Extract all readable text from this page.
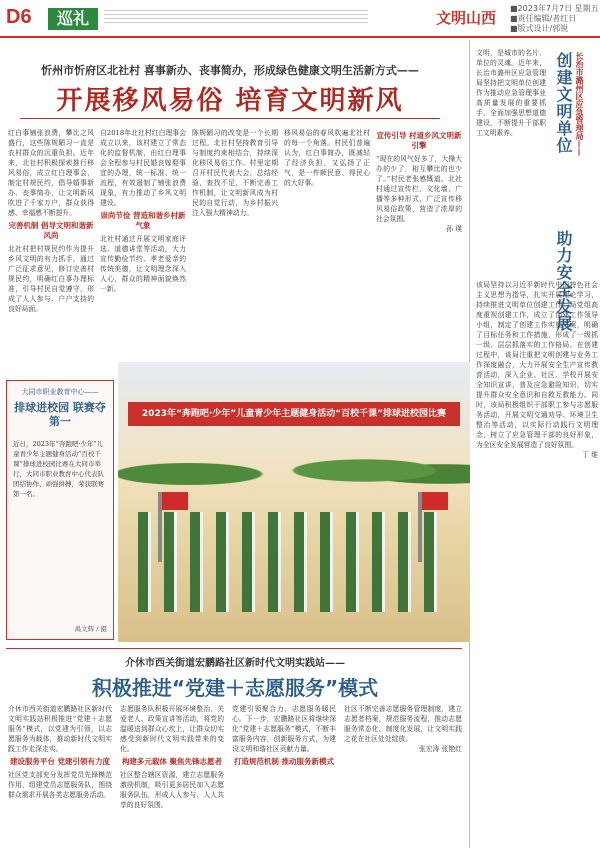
D6	巡礼	文明山西
■2023年7月7日 星期五
■责任编辑/者红日
■版式设计/郭锐
忻州市忻府区北社村 喜事新办、丧事简办，形成绿色健康文明生活新方式——
开展移风易俗 培育文明新风
红白事铺张浪费，攀比之风盛行，这些陈规陋习一直是农村群众的沉重负担。近年来，北社村积极探索推行移风易俗，成立红白理事会，制定村规民约，倡导婚事新办、丧事简办，让文明新风吹进了千家万户，群众获得感、幸福感不断提升。
完善机制 倡导文明和谐新风尚
北社村把村规民约作为提升乡风文明的有力抓手，通过广泛征求意见，修订完善村规民约，明确红白事办理标准，引导村民自觉遵守，形成了人人参与、户户支持的良好局面。
自2018年北社村红白理事会成立以来，该村建立了常态化的监督机制，由红白理事会全程参与村民婚丧嫁娶事宜的办理，统一标准、统一流程，有效遏制了铺张浪费现象，有力推动了乡风文明建设。
崇尚节俭 营造和谐乡村新气象
北社村通过开展文明家庭评选、道德讲堂等活动，大力宣传勤俭节约、孝老爱亲的传统美德，让文明理念深入人心，群众的精神面貌焕然一新。
陈规陋习的改变是一个长期过程。北社村坚持教育引导与制度约束相结合，持续深化移风易俗工作。村里定期召开村民代表大会，总结经验，查找不足，不断完善工作机制，让文明新风成为村民的自觉行动，为乡村振兴注入强大精神动力。
移风易俗的春风吹遍北社村的每一个角落。村民们普遍认为，红白事简办，既减轻了经济负担，又弘扬了正气，是一件顺民意、得民心的大好事。
宣传引导 村道乡风文明新引擎
“现在的风气好多了，大操大办的少了，相互攀比的也少了。”村民老张感慨道。北社村通过宣传栏、文化墙、广播等多种形式，广泛宣传移风易俗政策，营造了浓厚的社会氛围。
孙 瑛
大同市职业教育中心——
排球进校园 联赛夺第一
近日，2023年“奔跑吧·少年”儿童青少年主题健身活动“百校千课”排球进校园比赛在大同市举行，大同市职业教育中心代表队团结协作、顽强拼搏，荣获联赛第一名。
禹文辉 / 摄
2023年“奔跑吧·少年”儿童青少年主题健身活动“百校千课”排球进校园比赛
介休市西关街道宏鹏路社区新时代文明实践站——
积极推进“党建＋志愿服务”模式
介休市西关街道宏鹏路社区新时代文明实践站积极推进“党建＋志愿服务”模式，以党建为引领，以志愿服务为载体，推动新时代文明实践工作走深走实。
建设服务平台 党建引领有力度
社区党支部充分发挥党员先锋模范作用，组建党员志愿服务队，围绕群众需求开展各类志愿服务活动。
志愿服务队积极开展环境整治、关爱老人、政策宣讲等活动，将党的温暖送到群众心坎上，让群众切实感受到新时代文明实践带来的变化。
构建多元载体 聚焦先锋志愿者
社区整合辖区资源，建立志愿服务激励机制，吸引更多居民加入志愿服务队伍，形成人人参与、人人共享的良好氛围。
党建引领聚合力，志愿服务暖民心。下一步，宏鹏路社区将继续深化“党建＋志愿服务”模式，不断丰富服务内容，创新服务方式，为建设文明和谐社区贡献力量。
打造规范机制 推动服务新模式
社区不断完善志愿服务管理制度，建立志愿者档案，规范服务流程，推动志愿服务常态化、制度化发展，让文明实践之花在社区处处绽放。
张宏涛 张艳红
长治市潞州区应急管理局——
创建文明单位
助力安全发展
文明，是城市的名片、单位的灵魂。近年来，长治市潞州区应急管理局坚持把文明单位创建作为推动应急管理事业高质量发展的重要抓手，全面加强思想道德建设，不断提升干部职工文明素养。
该局坚持以习近平新时代中国特色社会主义思想为指导，扎实开展理论学习，持续推进文明单位创建工作。局党组高度重视创建工作，成立了创建工作领导小组，制定了创建工作实施方案，明确了目标任务和工作措施，形成了一级抓一级、层层抓落实的工作格局。在创建过程中，该局注重把文明创建与业务工作深度融合，大力开展安全生产宣传教育活动，深入企业、社区、学校开展安全知识宣讲，普及应急避险知识，切实提升群众安全意识和自救互救能力。同时，该局积极组织干部职工参与志愿服务活动，开展文明交通劝导、环境卫生整治等活动，以实际行动践行文明理念，树立了应急管理干部的良好形象，为全区安全发展营造了良好氛围。
丁 维
